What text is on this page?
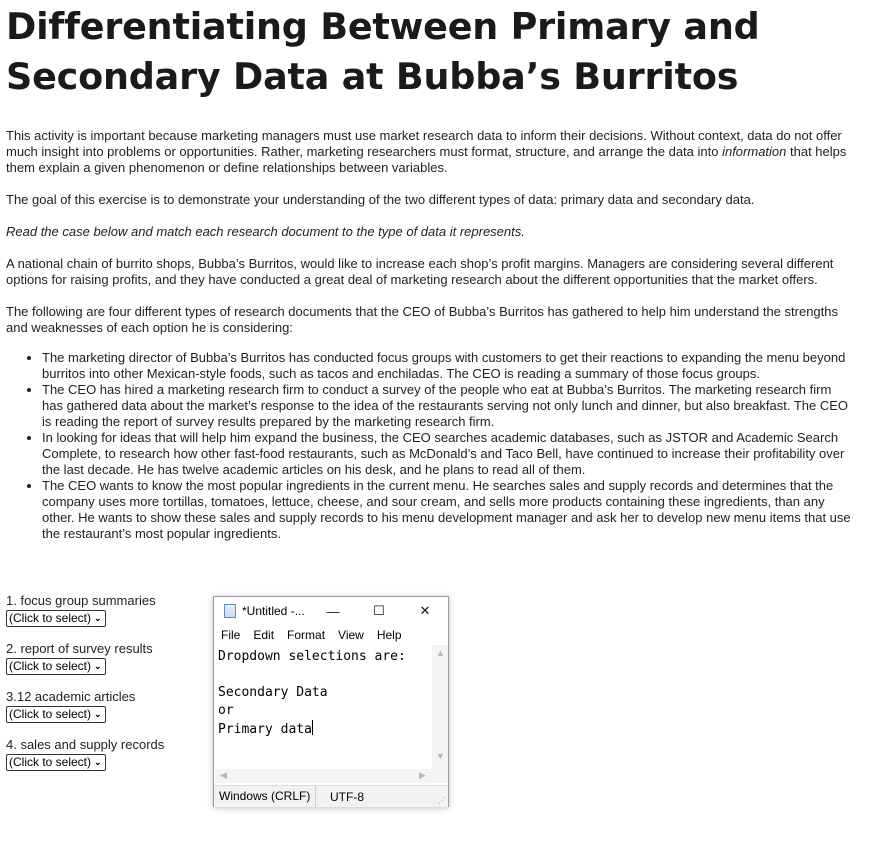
Differentiating Between Primary and Secondary Data at Bubba’s Burritos

This activity is important because marketing managers must use market research data to inform their decisions. Without context, data do not offer much insight into problems or opportunities. Rather, marketing researchers must format, structure, and arrange the data into information that helps them explain a given phenomenon or define relationships between variables.

The goal of this exercise is to demonstrate your understanding of the two different types of data: primary data and secondary data.

Read the case below and match each research document to the type of data it represents.

A national chain of burrito shops, Bubba’s Burritos, would like to increase each shop’s profit margins. Managers are considering several different options for raising profits, and they have conducted a great deal of marketing research about the different opportunities that the market offers.

The following are four different types of research documents that the CEO of Bubba’s Burritos has gathered to help him understand the strengths and weaknesses of each option he is considering:

• The marketing director of Bubba’s Burritos has conducted focus groups with customers to get their reactions to expanding the menu beyond burritos into other Mexican-style foods, such as tacos and enchiladas. The CEO is reading a summary of those focus groups.
• The CEO has hired a marketing research firm to conduct a survey of the people who eat at Bubba’s Burritos. The marketing research firm has gathered data about the market’s response to the idea of the restaurants serving not only lunch and dinner, but also breakfast. The CEO is reading the report of survey results prepared by the marketing research firm.
• In looking for ideas that will help him expand the business, the CEO searches academic databases, such as JSTOR and Academic Search Complete, to research how other fast-food restaurants, such as McDonald’s and Taco Bell, have continued to increase their profitability over the last decade. He has twelve academic articles on his desk, and he plans to read all of them.
• The CEO wants to know the most popular ingredients in the current menu. He searches sales and supply records and determines that the company uses more tortillas, tomatoes, lettuce, cheese, and sour cream, and sells more products containing these ingredients, than any other. He wants to show these sales and supply records to his menu development manager and ask her to develop new menu items that use the restaurant’s most popular ingredients.
1. focus group summaries
(Click to select) ⌄
2. report of survey results
(Click to select) ⌄
3.12 academic articles
(Click to select) ⌄
4. sales and supply records
(Click to select) ⌄
*Untitled -...	—	☐	✕
File Edit Format View Help
Dropdown selections are:
Secondary Data
or
Primary data
▲
▼
◀	▶
Windows (CRLF)	UTF-8	⋰
